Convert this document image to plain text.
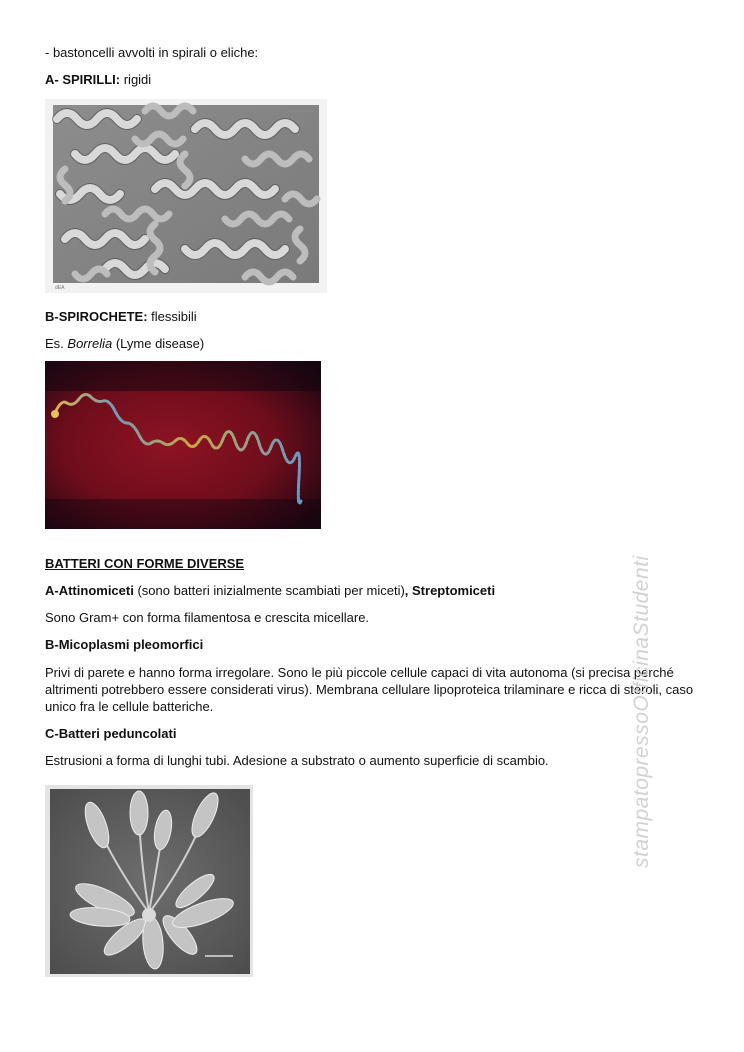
- bastoncelli avvolti in spirali o eliche:
A- SPIRILLI: rigidi
dEA
B-SPIROCHETE: flessibili
Es. Borrelia (Lyme disease)
BATTERI CON FORME DIVERSE
A-Attinomiceti (sono batteri inizialmente scambiati per miceti), Streptomiceti
Sono Gram+ con forma filamentosa e crescita micellare.
B-Micoplasmi pleomorfici
Privi di parete e hanno forma irregolare. Sono le più piccole cellule capaci di vita autonoma (si precisa perché altrimenti potrebbero essere considerati virus). Membrana cellulare lipoproteica trilaminare e ricca di steroli, caso unico fra le cellule batteriche.
C-Batteri peduncolati
Estrusioni a forma di lunghi tubi. Adesione a substrato o aumento superficie di scambio.	stampatopressoOfficinaStudenti
